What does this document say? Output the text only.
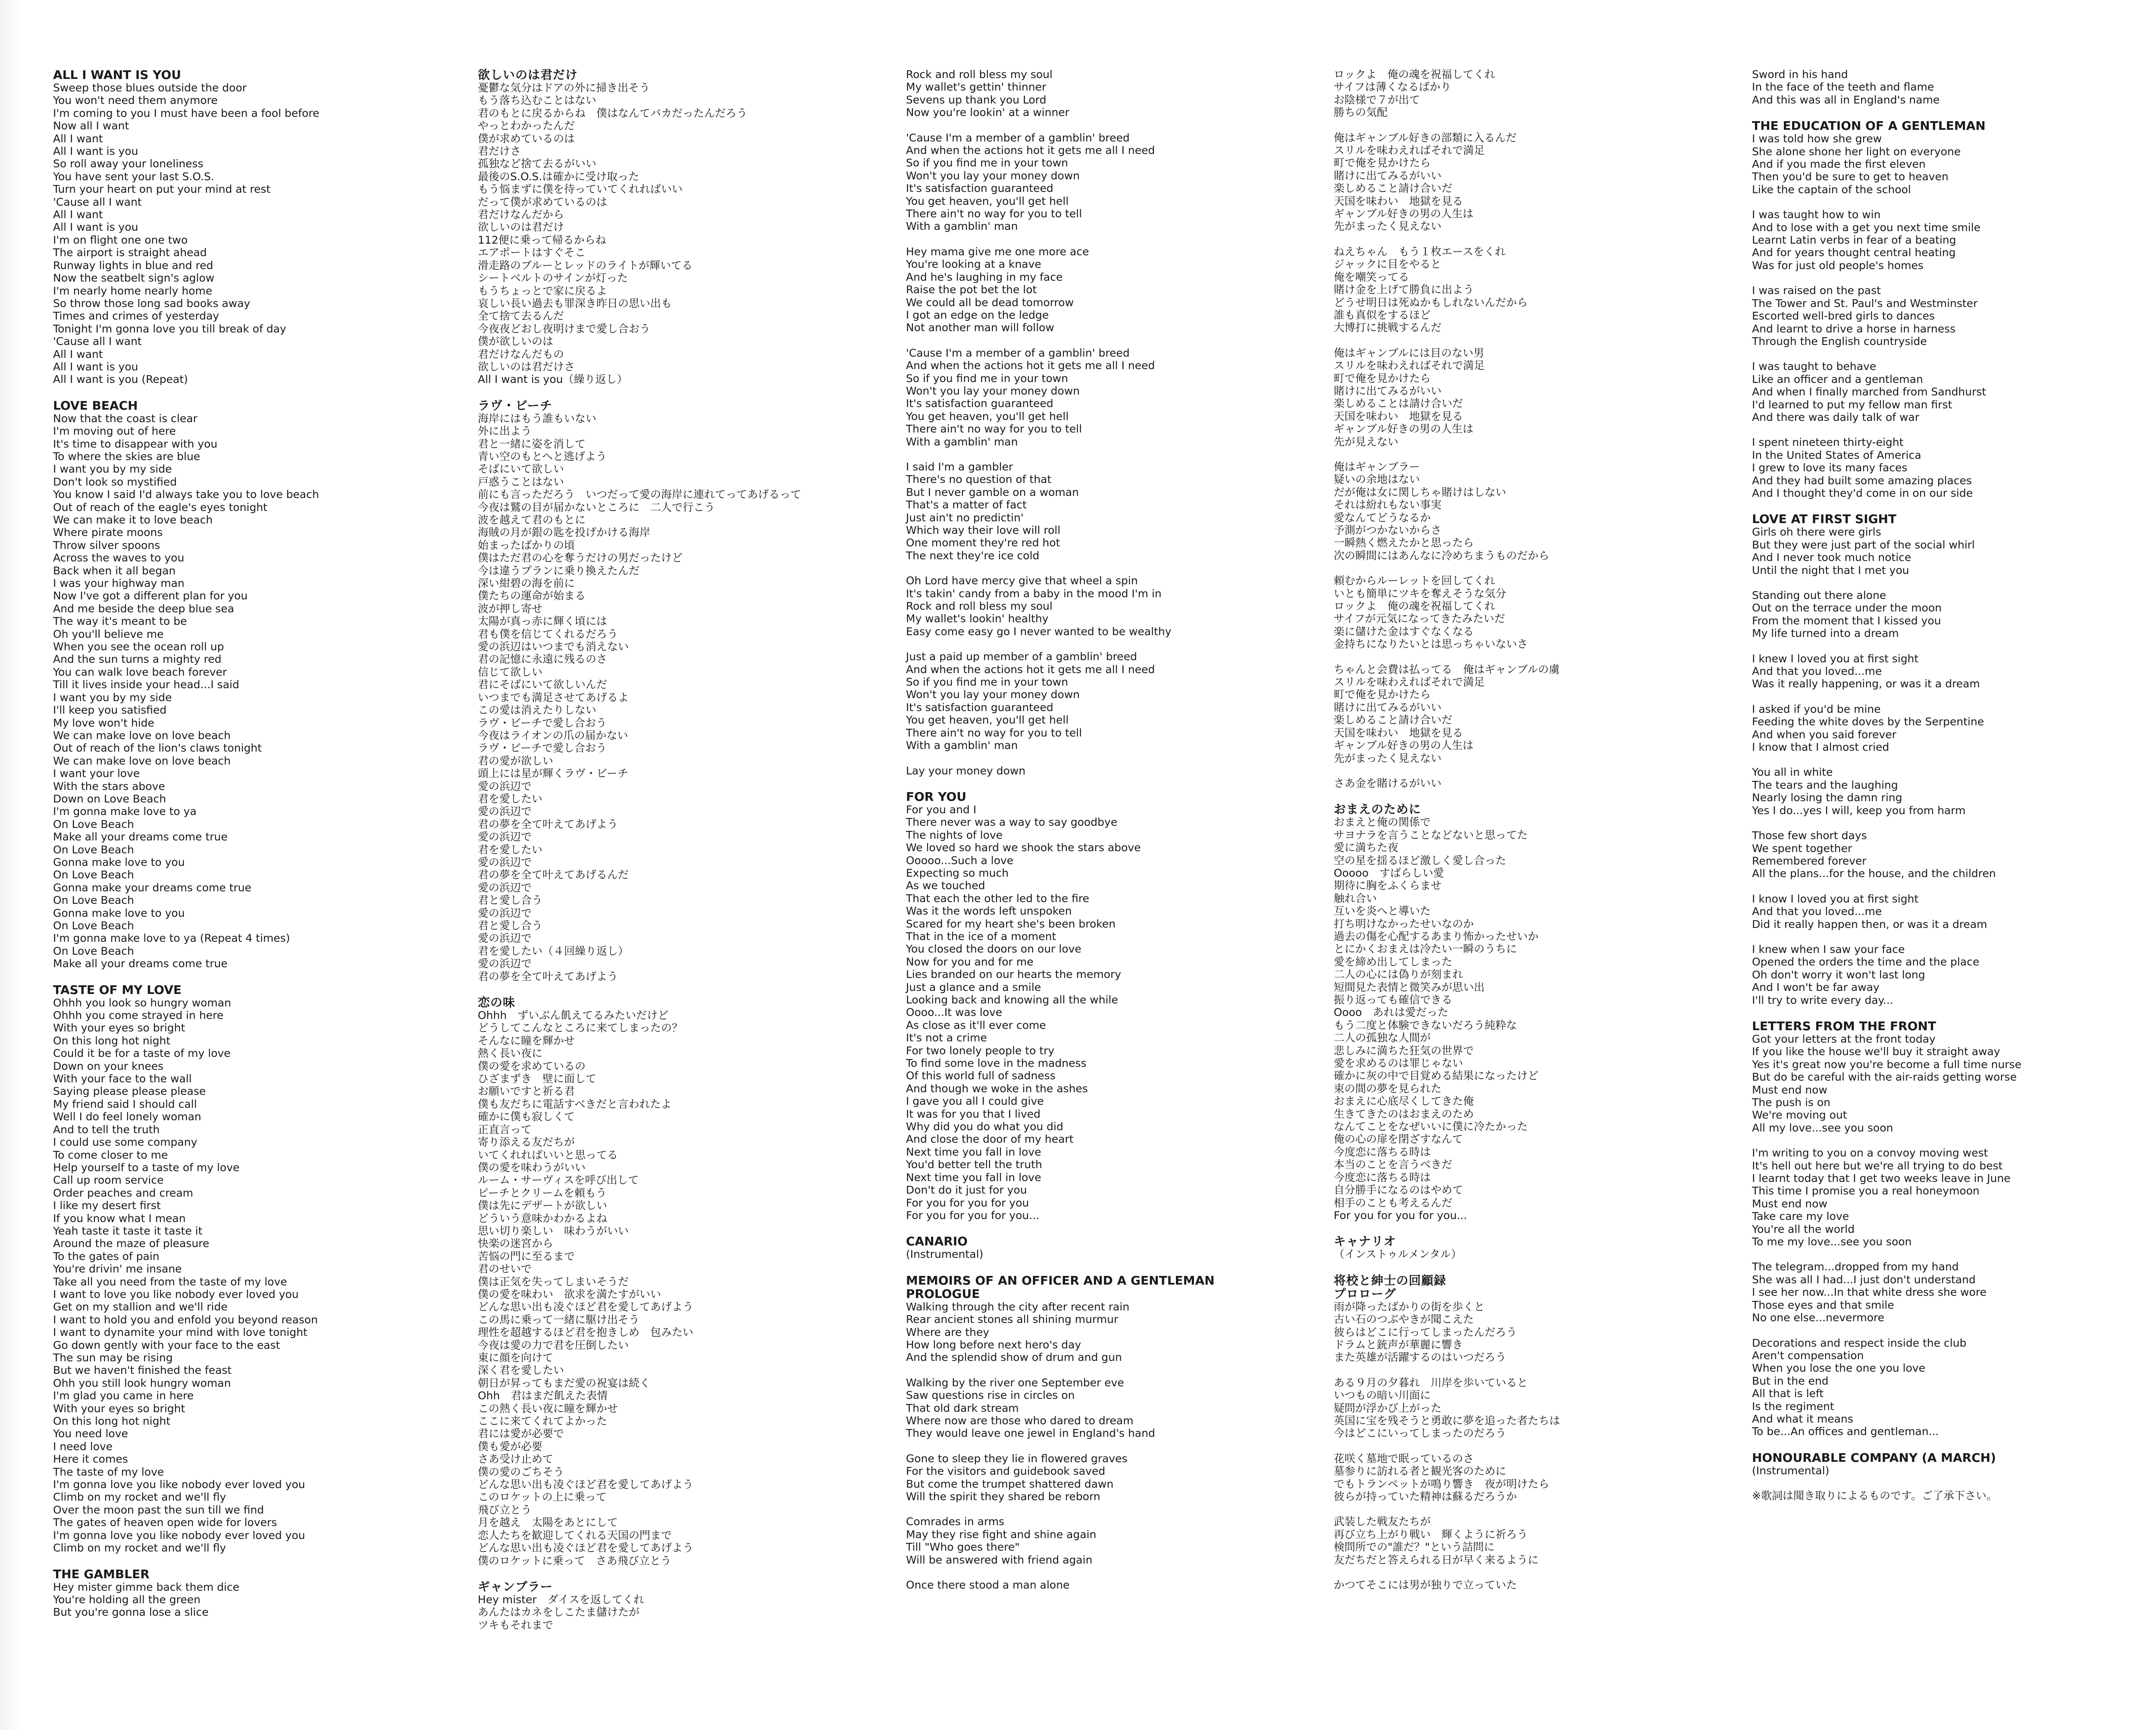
ALL I WANT IS YOU
Sweep those blues outside the door
You won't need them anymore
I'm coming to you I must have been a fool before
Now all I want
All I want
All I want is you
So roll away your loneliness
You have sent your last S.O.S.
Turn your heart on put your mind at rest
'Cause all I want
All I want
All I want is you
I'm on flight one one two
The airport is straight ahead
Runway lights in blue and red
Now the seatbelt sign's aglow
I'm nearly home nearly home
So throw those long sad books away
Times and crimes of yesterday
Tonight I'm gonna love you till break of day
'Cause all I want
All I want
All I want is you
All I want is you (Repeat)
LOVE BEACH
Now that the coast is clear
I'm moving out of here
It's time to disappear with you
To where the skies are blue
I want you by my side
Don't look so mystified
You know I said I'd always take you to love beach
Out of reach of the eagle's eyes tonight
We can make it to love beach
Where pirate moons
Throw silver spoons
Across the waves to you
Back when it all began
I was your highway man
Now I've got a different plan for you
And me beside the deep blue sea
The way it's meant to be
Oh you'll believe me
When you see the ocean roll up
And the sun turns a mighty red
You can walk love beach forever
Till it lives inside your head...I said
I want you by my side
I'll keep you satisfied
My love won't hide
We can make love on love beach
Out of reach of the lion's claws tonight
We can make love on love beach
I want your love
With the stars above
Down on Love Beach
I'm gonna make love to ya
On Love Beach
Make all your dreams come true
On Love Beach
Gonna make love to you
On Love Beach
Gonna make your dreams come true
On Love Beach
Gonna make love to you
On Love Beach
I'm gonna make love to ya (Repeat 4 times)
On Love Beach
Make all your dreams come true
TASTE OF MY LOVE
Ohhh you look so hungry woman
Ohhh you come strayed in here
With your eyes so bright
On this long hot night
Could it be for a taste of my love
Down on your knees
With your face to the wall
Saying please please please
My friend said I should call
Well I do feel lonely woman
And to tell the truth
I could use some company
To come closer to me
Help yourself to a taste of my love
Call up room service
Order peaches and cream
I like my desert first
If you know what I mean
Yeah taste it taste it taste it
Around the maze of pleasure
To the gates of pain
You're drivin' me insane
Take all you need from the taste of my love
I want to love you like nobody ever loved you
Get on my stallion and we'll ride
I want to hold you and enfold you beyond reason
I want to dynamite your mind with love tonight
Go down gently with your face to the east
The sun may be rising
But we haven't finished the feast
Ohh you still look hungry woman
I'm glad you came in here
With your eyes so bright
On this long hot night
You need love
I need love
Here it comes
The taste of my love
I'm gonna love you like nobody ever loved you
Climb on my rocket and we'll fly
Over the moon past the sun till we find
The gates of heaven open wide for lovers
I'm gonna love you like nobody ever loved you
Climb on my rocket and we'll fly
THE GAMBLER
Hey mister gimme back them dice
You're holding all the green
But you're gonna lose a slice
欲しいのは君だけ
憂鬱な気分はドアの外に掃き出そう
もう落ち込むことはない
君のもとに戻るからね　僕はなんてバカだったんだろう
やっとわかったんだ
僕が求めているのは
君だけさ
孤独など捨て去るがいい
最後のS.O.S.は確かに受け取った
もう悩まずに僕を待っていてくれればいい
だって僕が求めているのは
君だけなんだから
欲しいのは君だけ
112便に乗って帰るからね
エアポートはすぐそこ
滑走路のブルーとレッドのライトが輝いてる
シートベルトのサインが灯った
もうちょっとで家に戻るよ
哀しい長い過去も罪深き昨日の思い出も
全て捨て去るんだ
今夜夜どおし夜明けまで愛し合おう
僕が欲しいのは
君だけなんだもの
欲しいのは君だけさ
All I want is you（繰り返し）
ラヴ・ビーチ
海岸にはもう誰もいない
外に出よう
君と一緒に姿を消して
青い空のもとへと逃げよう
そばにいて欲しい
戸惑うことはない
前にも言っただろう　いつだって愛の海岸に連れてってあげるって
今夜は鷲の目が届かないところに　二人で行こう
波を越えて君のもとに
海賊の月が銀の匙を投げかける海岸
始まったばかりの頃
僕はただ君の心を奪うだけの男だったけど
今は違うプランに乗り換えたんだ
深い紺碧の海を前に
僕たちの運命が始まる
波が押し寄せ
太陽が真っ赤に輝く頃には
君も僕を信じてくれるだろう
愛の浜辺はいつまでも消えない
君の記憶に永遠に残るのさ
信じて欲しい
君にそばにいて欲しいんだ
いつまでも満足させてあげるよ
この愛は消えたりしない
ラヴ・ビーチで愛し合おう
今夜はライオンの爪の届かない
ラヴ・ビーチで愛し合おう
君の愛が欲しい
頭上には星が輝くラヴ・ビーチ
愛の浜辺で
君を愛したい
愛の浜辺で
君の夢を全て叶えてあげよう
愛の浜辺で
君を愛したい
愛の浜辺で
君の夢を全て叶えてあげるんだ
愛の浜辺で
君と愛し合う
愛の浜辺で
君と愛し合う
愛の浜辺で
君を愛したい（４回繰り返し）
愛の浜辺で
君の夢を全て叶えてあげよう
恋の味
Ohhh　ずいぶん飢えてるみたいだけど
どうしてこんなところに来てしまったの？
そんなに瞳を輝かせ
熱く長い夜に
僕の愛を求めているの
ひざまずき　壁に面して
お願いですと祈る君
僕も友だちに電話すべきだと言われたよ
確かに僕も寂しくて
正直言って
寄り添える友だちが
いてくれればいいと思ってる
僕の愛を味わうがいい
ルーム・サーヴィスを呼び出して
ピーチとクリームを頼もう
僕は先にデザートが欲しい
どういう意味かわかるよね
思い切り楽しい　味わうがいい
快楽の迷宮から
苦悩の門に至るまで
君のせいで
僕は正気を失ってしまいそうだ
僕の愛を味わい　欲求を満たすがいい
どんな思い出も凌ぐほど君を愛してあげよう
この馬に乗って一緒に駆け出そう
理性を超越するほど君を抱きしめ　包みたい
今夜は愛の力で君を圧倒したい
東に顔を向けて
深く君を愛したい
朝日が昇ってもまだ愛の祝宴は続く
Ohh　君はまだ飢えた表情
この熱く長い夜に瞳を輝かせ
ここに来てくれてよかった
君には愛が必要で
僕も愛が必要
さあ受け止めて
僕の愛のごちそう
どんな思い出も凌ぐほど君を愛してあげよう
このロケットの上に乗って
飛び立とう
月を越え　太陽をあとにして
恋人たちを歓迎してくれる天国の門まで
どんな思い出も凌ぐほど君を愛してあげよう
僕のロケットに乗って　さあ飛び立とう
ギャンブラー
Hey mister　ダイスを返してくれ
あんたはカネをしこたま儲けたが
ツキもそれまで
Rock and roll bless my soul
My wallet's gettin' thinner
Sevens up thank you Lord
Now you're lookin' at a winner
'Cause I'm a member of a gamblin' breed
And when the actions hot it gets me all I need
So if you find me in your town
Won't you lay your money down
It's satisfaction guaranteed
You get heaven, you'll get hell
There ain't no way for you to tell
With a gamblin' man
Hey mama give me one more ace
You're looking at a knave
And he's laughing in my face
Raise the pot bet the lot
We could all be dead tomorrow
I got an edge on the ledge
Not another man will follow
'Cause I'm a member of a gamblin' breed
And when the actions hot it gets me all I need
So if you find me in your town
Won't you lay your money down
It's satisfaction guaranteed
You get heaven, you'll get hell
There ain't no way for you to tell
With a gamblin' man
I said I'm a gambler
There's no question of that
But I never gamble on a woman
That's a matter of fact
Just ain't no predictin'
Which way their love will roll
One moment they're red hot
The next they're ice cold
Oh Lord have mercy give that wheel a spin
It's takin' candy from a baby in the mood I'm in
Rock and roll bless my soul
My wallet's lookin' healthy
Easy come easy go I never wanted to be wealthy
Just a paid up member of a gamblin' breed
And when the actions hot it gets me all I need
So if you find me in your town
Won't you lay your money down
It's satisfaction guaranteed
You get heaven, you'll get hell
There ain't no way for you to tell
With a gamblin' man
Lay your money down
FOR YOU
For you and I
There never was a way to say goodbye
The nights of love
We loved so hard we shook the stars above
Ooooo...Such a love
Expecting so much
As we touched
That each the other led to the fire
Was it the words left unspoken
Scared for my heart she's been broken
That in the ice of a moment
You closed the doors on our love
Now for you and for me
Lies branded on our hearts the memory
Just a glance and a smile
Looking back and knowing all the while
Oooo...It was love
As close as it'll ever come
It's not a crime
For two lonely people to try
To find some love in the madness
Of this world full of sadness
And though we woke in the ashes
I gave you all I could give
It was for you that I lived
Why did you do what you did
And close the door of my heart
Next time you fall in love
You'd better tell the truth
Next time you fall in love
Don't do it just for you
For you for you for you
For you for you for you...
CANARIO
(Instrumental)
MEMOIRS OF AN OFFICER AND A GENTLEMAN
PROLOGUE
Walking through the city after recent rain
Rear ancient stones all shining murmur
Where are they
How long before next hero's day
And the splendid show of drum and gun
Walking by the river one September eve
Saw questions rise in circles on
That old dark stream
Where now are those who dared to dream
They would leave one jewel in England's hand
Gone to sleep they lie in flowered graves
For the visitors and guidebook saved
But come the trumpet shattered dawn
Will the spirit they shared be reborn
Comrades in arms
May they rise fight and shine again
Till "Who goes there"
Will be answered with friend again
Once there stood a man alone
ロックよ　俺の魂を祝福してくれ
サイフは薄くなるばかり
お陰様で７が出て
勝ちの気配
俺はギャンブル好きの部類に入るんだ
スリルを味わえればそれで満足
町で俺を見かけたら
賭けに出てみるがいい
楽しめること請け合いだ
天国を味わい　地獄を見る
ギャンブル好きの男の人生は
先がまったく見えない
ねえちゃん　もう１枚エースをくれ
ジャックに目をやると
俺を嘲笑ってる
賭け金を上げて勝負に出よう
どうせ明日は死ぬかもしれないんだから
誰も真似をするほど
大博打に挑戦するんだ
俺はギャンブルには目のない男
スリルを味わえればそれで満足
町で俺を見かけたら
賭けに出てみるがいい
楽しめることは請け合いだ
天国を味わい　地獄を見る
ギャンブル好きの男の人生は
先が見えない
俺はギャンブラー
疑いの余地はない
だが俺は女に関しちゃ賭けはしない
それは紛れもない事実
愛なんてどうなるか
予測がつかないからさ
一瞬熱く燃えたかと思ったら
次の瞬間にはあんなに冷めちまうものだから
頼むからルーレットを回してくれ
いとも簡単にツキを奪えそうな気分
ロックよ　俺の魂を祝福してくれ
サイフが元気になってきたみたいだ
楽に儲けた金はすぐなくなる
金持ちになりたいとは思っちゃいないさ
ちゃんと会費は払ってる　俺はギャンブルの虜
スリルを味わえればそれで満足
町で俺を見かけたら
賭けに出てみるがいい
楽しめること請け合いだ
天国を味わい　地獄を見る
ギャンブル好きの男の人生は
先がまったく見えない
さあ金を賭けるがいい
おまえのために
おまえと俺の関係で
サヨナラを言うことなどないと思ってた
愛に満ちた夜
空の星を揺るほど激しく愛し合った
Ooooo　すばらしい愛
期待に胸をふくらませ
触れ合い
互いを炎へと導いた
打ち明けなかったせいなのか
過去の傷を心配するあまり怖かったせいか
とにかくおまえは冷たい一瞬のうちに
愛を締め出してしまった
二人の心には偽りが刻まれ
短間見た表情と微笑みが思い出
振り返っても確信できる
Oooo　あれは愛だった
もう二度と体験できないだろう純粋な
二人の孤独な人間が
悲しみに満ちた狂気の世界で
愛を求めるのは罪じゃない
確かに灰の中で目覚める結果になったけど
束の間の夢を見られた
おまえに心底尽くしてきた俺
生きてきたのはおまえのため
なんてことをなぜいいに僕に冷たかった
俺の心の扉を閉ざすなんて
今度恋に落ちる時は
本当のことを言うべきだ
今度恋に落ちる時は
自分勝手になるのはやめて
相手のことも考えるんだ
For you for you for you...
キャナリオ
（インストゥルメンタル）
将校と紳士の回顧録
プロローグ
雨が降ったばかりの街を歩くと
古い石のつぶやきが聞こえた
彼らはどこに行ってしまったんだろう
ドラムと銃声が華麗に響き
また英雄が活躍するのはいつだろう
ある９月の夕暮れ　川岸を歩いていると
いつもの暗い川面に
疑問が浮かび上がった
英国に宝を残そうと勇敢に夢を追った者たちは
今はどこにいってしまったのだろう
花咲く墓地で眠っているのさ
墓参りに訪れる者と観光客のために
でもトランペットが鳴り響き　夜が明けたら
彼らが持っていた精神は蘇るだろうか
武装した戦友たちが
再び立ち上がり戦い　輝くように祈ろう
検問所での"誰だ？"という詰問に
友だちだと答えられる日が早く来るように
かつてそこには男が独りで立っていた
Sword in his hand
In the face of the teeth and flame
And this was all in England's name
THE EDUCATION OF A GENTLEMAN
I was told how she grew
She alone shone her light on everyone
And if you made the first eleven
Then you'd be sure to get to heaven
Like the captain of the school
I was taught how to win
And to lose with a get you next time smile
Learnt Latin verbs in fear of a beating
And for years thought central heating
Was for just old people's homes
I was raised on the past
The Tower and St. Paul's and Westminster
Escorted well-bred girls to dances
And learnt to drive a horse in harness
Through the English countryside
I was taught to behave
Like an officer and a gentleman
And when I finally marched from Sandhurst
I'd learned to put my fellow man first
And there was daily talk of war
I spent nineteen thirty-eight
In the United States of America
I grew to love its many faces
And they had built some amazing places
And I thought they'd come in on our side
LOVE AT FIRST SIGHT
Girls oh there were girls
But they were just part of the social whirl
And I never took much notice
Until the night that I met you
Standing out there alone
Out on the terrace under the moon
From the moment that I kissed you
My life turned into a dream
I knew I loved you at first sight
And that you loved...me
Was it really happening, or was it a dream
I asked if you'd be mine
Feeding the white doves by the Serpentine
And when you said forever
I know that I almost cried
You all in white
The tears and the laughing
Nearly losing the damn ring
Yes I do...yes I will, keep you from harm
Those few short days
We spent together
Remembered forever
All the plans...for the house, and the children
I know I loved you at first sight
And that you loved...me
Did it really happen then, or was it a dream
I knew when I saw your face
Opened the orders the time and the place
Oh don't worry it won't last long
And I won't be far away
I'll try to write every day...
LETTERS FROM THE FRONT
Got your letters at the front today
If you like the house we'll buy it straight away
Yes it's great now you're become a full time nurse
But do be careful with the air-raids getting worse
Must end now
The push is on
We're moving out
All my love...see you soon
I'm writing to you on a convoy moving west
It's hell out here but we're all trying to do best
I learnt today that I get two weeks leave in June
This time I promise you a real honeymoon
Must end now
Take care my love
You're all the world
To me my love...see you soon
The telegram...dropped from my hand
She was all I had...I just don't understand
I see her now...In that white dress she wore
Those eyes and that smile
No one else...nevermore
Decorations and respect inside the club
Aren't compensation
When you lose the one you love
But in the end
All that is left
Is the regiment
And what it means
To be...An offices and gentleman...
HONOURABLE COMPANY (A MARCH)
(Instrumental)
※歌詞は聞き取りによるものです。ご了承下さい。
